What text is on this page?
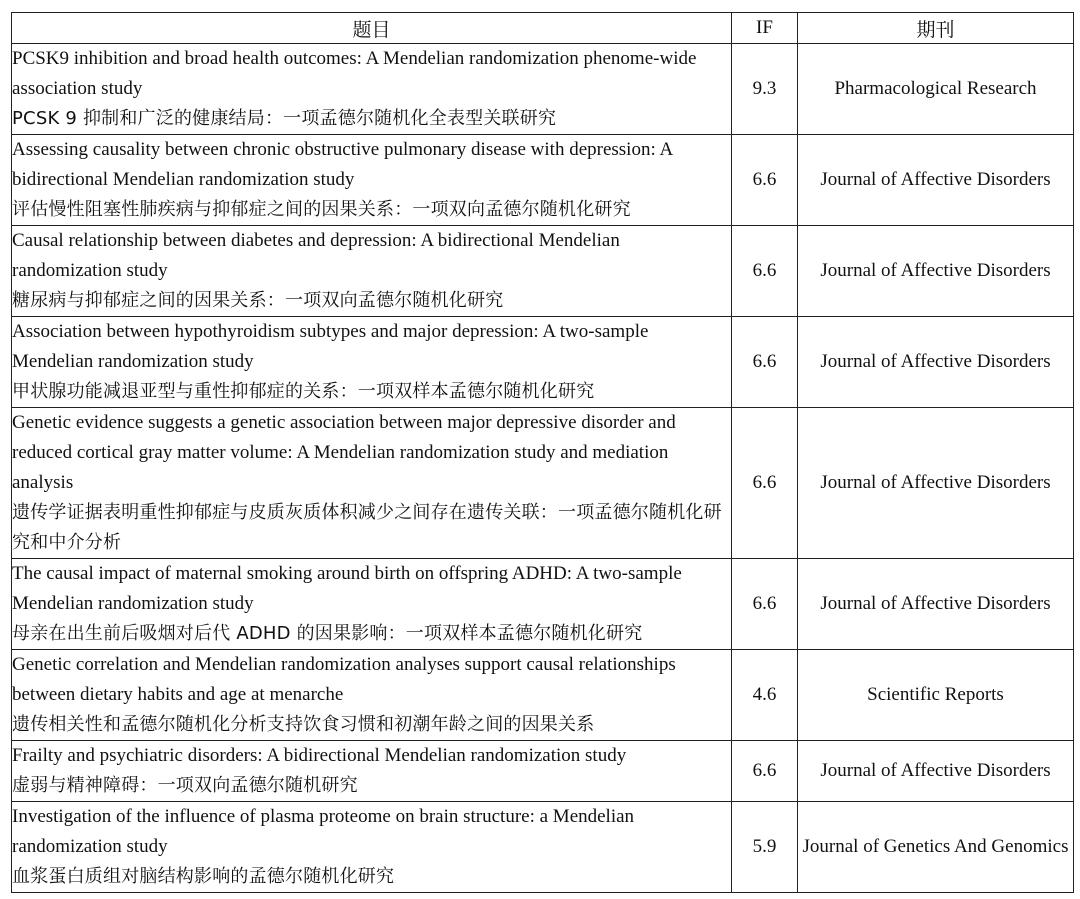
题目	IF	期刊

PCSK9 inhibition and broad health outcomes: A Mendelian randomization phenome-wide association study
PCSK 9 抑制和广泛的健康结局：一项孟德尔随机化全表型关联研究	9.3	Pharmacological Research

Assessing causality between chronic obstructive pulmonary disease with depression: A bidirectional Mendelian randomization study
评估慢性阻塞性肺疾病与抑郁症之间的因果关系：一项双向孟德尔随机化研究	6.6	Journal of Affective Disorders

Causal relationship between diabetes and depression: A bidirectional Mendelian randomization study
糖尿病与抑郁症之间的因果关系：一项双向孟德尔随机化研究	6.6	Journal of Affective Disorders

Association between hypothyroidism subtypes and major depression: A two-sample Mendelian randomization study
甲状腺功能减退亚型与重性抑郁症的关系：一项双样本孟德尔随机化研究	6.6	Journal of Affective Disorders

Genetic evidence suggests a genetic association between major depressive disorder and reduced cortical gray matter volume: A Mendelian randomization study and mediation analysis
遗传学证据表明重性抑郁症与皮质灰质体积减少之间存在遗传关联：一项孟德尔随机化研究和中介分析	6.6	Journal of Affective Disorders

The causal impact of maternal smoking around birth on offspring ADHD: A two-sample Mendelian randomization study
母亲在出生前后吸烟对后代 ADHD 的因果影响：一项双样本孟德尔随机化研究	6.6	Journal of Affective Disorders

Genetic correlation and Mendelian randomization analyses support causal relationships between dietary habits and age at menarche
遗传相关性和孟德尔随机化分析支持饮食习惯和初潮年龄之间的因果关系	4.6	Scientific Reports

Frailty and psychiatric disorders: A bidirectional Mendelian randomization study
虚弱与精神障碍：一项双向孟德尔随机研究	6.6	Journal of Affective Disorders

Investigation of the influence of plasma proteome on brain structure: a Mendelian randomization study
血浆蛋白质组对脑结构影响的孟德尔随机化研究	5.9	Journal of Genetics And Genomics
